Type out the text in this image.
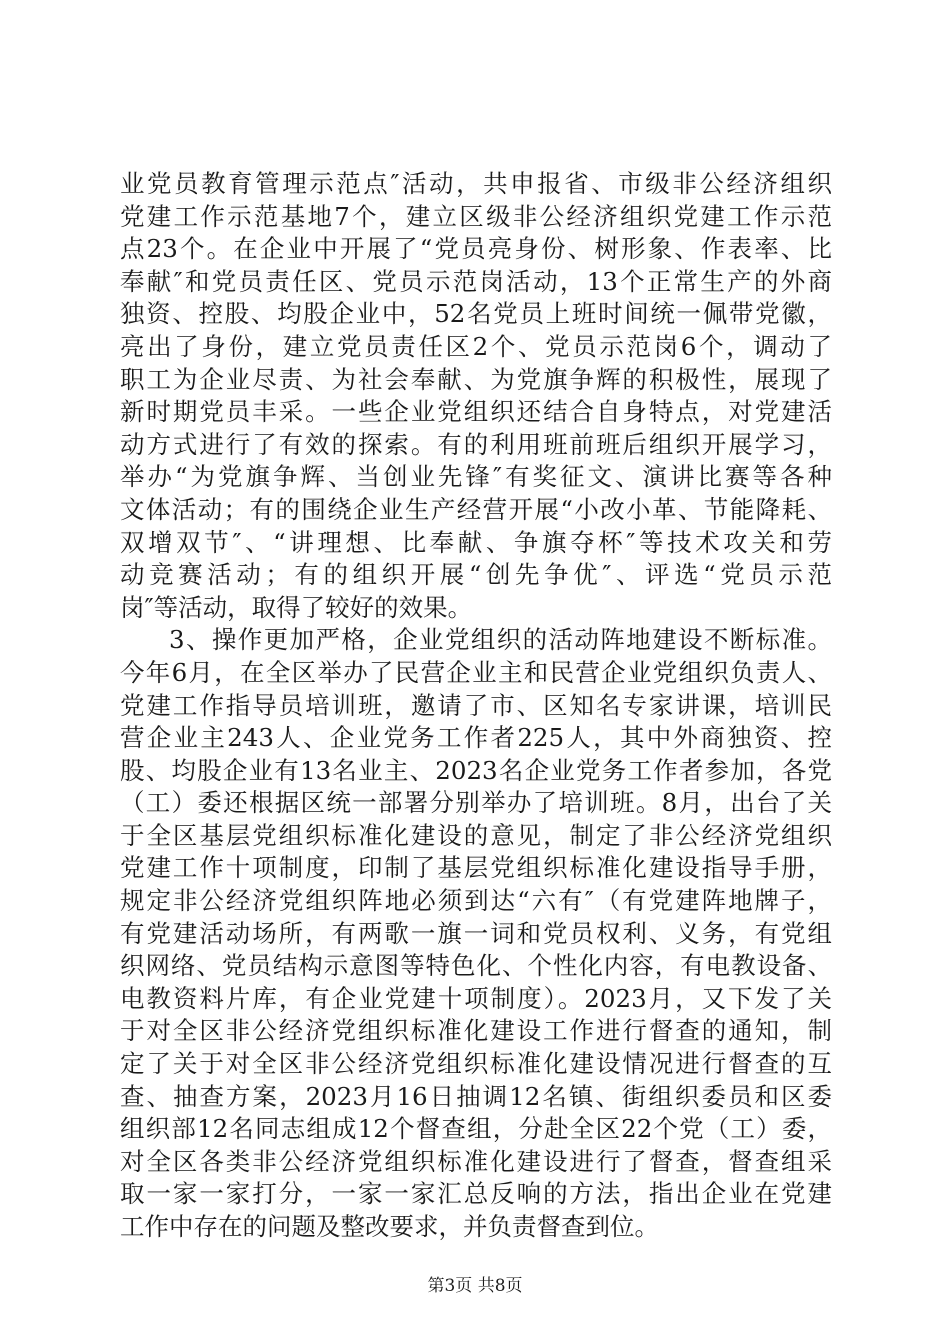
业党员教育管理示范点″活动，共申报省、市级非公经济组织
党建工作示范基地7个，建立区级非公经济组织党建工作示范
点23个。在企业中开展了“党员亮身份、树形象、作表率、比
奉献″和党员责任区、党员示范岗活动，13个正常生产的外商
独资、控股、均股企业中，52名党员上班时间统一佩带党徽，
亮出了身份，建立党员责任区2个、党员示范岗6个，调动了
职工为企业尽责、为社会奉献、为党旗争辉的积极性，展现了
新时期党员丰采。一些企业党组织还结合自身特点，对党建活
动方式进行了有效的探索。有的利用班前班后组织开展学习，
举办“为党旗争辉、当创业先锋″有奖征文、演讲比赛等各种
文体活动；有的围绕企业生产经营开展“小改小革、节能降耗、
双增双节″、“讲理想、比奉献、争旗夺杯″等技术攻关和劳
动竞赛活动；有的组织开展“创先争优″、评选“党员示范
岗″等活动，取得了较好的效果。
3、操作更加严格，企业党组织的活动阵地建设不断标准。
今年6月，在全区举办了民营企业主和民营企业党组织负责人、
党建工作指导员培训班，邀请了市、区知名专家讲课，培训民
营企业主243人、企业党务工作者225人，其中外商独资、控
股、均股企业有13名业主、2023名企业党务工作者参加，各党
（工）委还根据区统一部署分别举办了培训班。8月，出台了关
于全区基层党组织标准化建设的意见，制定了非公经济党组织
党建工作十项制度，印制了基层党组织标准化建设指导手册，
规定非公经济党组织阵地必须到达“六有″（有党建阵地牌子，
有党建活动场所，有两歌一旗一词和党员权利、义务，有党组
织网络、党员结构示意图等特色化、个性化内容，有电教设备、
电教资料片库，有企业党建十项制度）。2023月，又下发了关
于对全区非公经济党组织标准化建设工作进行督查的通知，制
定了关于对全区非公经济党组织标准化建设情况进行督查的互
查、抽查方案，2023月16日抽调12名镇、街组织委员和区委
组织部12名同志组成12个督查组，分赴全区22个党（工）委，
对全区各类非公经济党组织标准化建设进行了督查，督查组采
取一家一家打分，一家一家汇总反响的方法，指出企业在党建
工作中存在的问题及整改要求，并负责督查到位。
第3页 共8页
